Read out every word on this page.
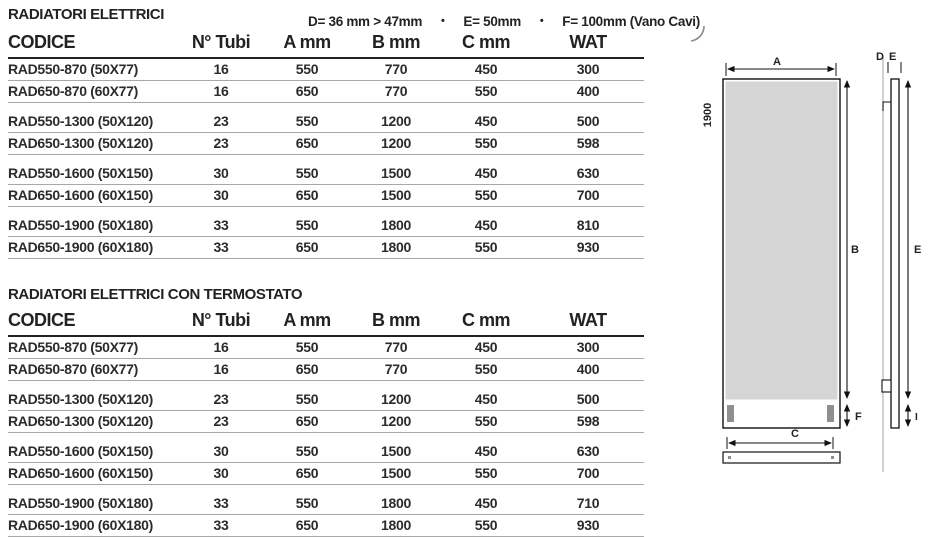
RADIATORI ELETTRICI	D= 36 mm > 47mm • E= 50mm • F= 100mm (Vano Cavi)
CODICE	N° Tubi	A mm	B mm	C mm	WAT
RAD550-870 (50X77)	16	550	770	450	300
RAD650-870 (60X77)	16	650	770	550	400
RAD550-1300 (50X120)	23	550	1200	450	500
RAD650-1300 (50X120)	23	650	1200	550	598
RAD550-1600 (50X150)	30	550	1500	450	630
RAD650-1600 (60X150)	30	650	1500	550	700
RAD550-1900 (50X180)	33	550	1800	450	810
RAD650-1900 (60X180)	33	650	1800	550	930
RADIATORI ELETTRICI CON TERMOSTATO
CODICE	N° Tubi	A mm	B mm	C mm	WAT
RAD550-870 (50X77)	16	550	770	450	300
RAD650-870 (60X77)	16	650	770	550	400
RAD550-1300 (50X120)	23	550	1200	450	500
RAD650-1300 (50X120)	23	650	1200	550	598
RAD550-1600 (50X150)	30	550	1500	450	630
RAD650-1600 (60X150)	30	650	1500	550	700
RAD550-1900 (50X180)	33	550	1800	450	710
RAD650-1900 (60X180)	33	650	1800	550	930
A
1900
B
F
C
D E
E
I
